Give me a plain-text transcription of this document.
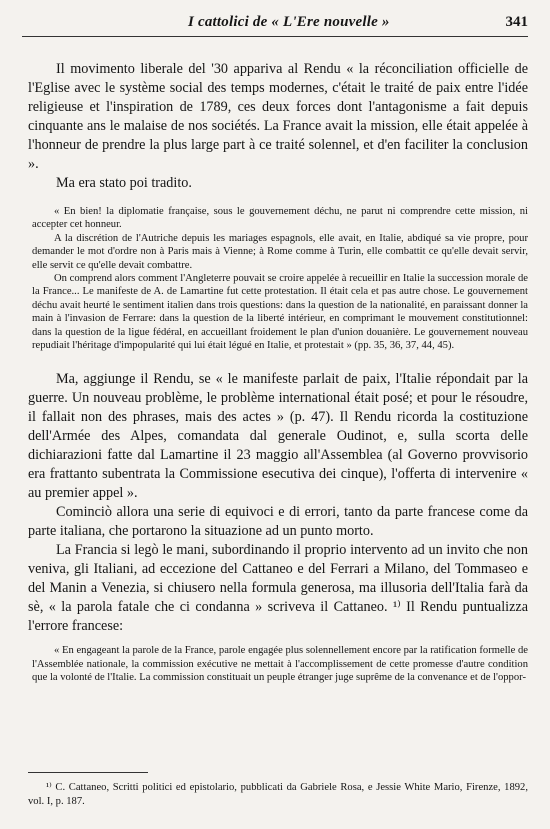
I cattolici de « L'Ere nouvelle »	341

Il movimento liberale del '30 appariva al Rendu « la réconciliation officielle de l'Eglise avec le système social des temps modernes, c'était le traité de paix entre l'idée religieuse et l'inspiration de 1789, ces deux forces dont l'antagonisme a fait depuis cinquante ans le malaise de nos sociétés. La France avait la mission, elle était appelée à l'honneur de prendre la plus large part à ce traité solennel, et d'en faciliter la conclusion ».

Ma era stato poi tradito.

« En bien! la diplomatie française, sous le gouvernement déchu, ne parut ni comprendre cette mission, ni accepter cet honneur.

A la discrétion de l'Autriche depuis les mariages espagnols, elle avait, en Italie, abdiqué sa vie propre, pour demander le mot d'ordre non à Paris mais à Vienne; à Rome comme à Turin, elle combattit ce qu'elle devait servir, elle servit ce qu'elle devait combattre.

On comprend alors comment l'Angleterre pouvait se croire appelée à recueillir en Italie la succession morale de la France... Le manifeste de A. de Lamartine fut cette protestation. Il était cela et pas autre chose. Le gouvernement déchu avait heurté le sentiment italien dans trois questions: dans la question de la nationalité, en paraissant donner la main à l'invasion de Ferrare: dans la question de la liberté intérieur, en comprimant le mouvement constitutionnel: dans la question de la ligue fédéral, en accueillant froidement le plan d'union douanière. Le gouvernement nouveau repudiait l'héritage d'impopularité qui lui était légué en Italie, et protestait » (pp. 35, 36, 37, 44, 45).

Ma, aggiunge il Rendu, se « le manifeste parlait de paix, l'Italie répondait par la guerre. Un nouveau problème, le problème international était posé; et pour le résoudre, il fallait non des phrases, mais des actes » (p. 47). Il Rendu ricorda la costituzione dell'Armée des Alpes, comandata dal generale Oudinot, e, sulla scorta delle dichiarazioni fatte dal Lamartine il 23 maggio all'Assemblea (al Governo provvisorio era frattanto subentrata la Commissione esecutiva dei cinque), l'offerta di intervenire « au premier appel ».

Cominciò allora una serie di equivoci e di errori, tanto da parte francese come da parte italiana, che portarono la situazione ad un punto morto.

La Francia si legò le mani, subordinando il proprio intervento ad un invito che non veniva, gli Italiani, ad eccezione del Cattaneo e del Ferrari a Milano, del Tommaseo e del Manin a Venezia, si chiusero nella formula generosa, ma illusoria dell'Italia farà da sè, « la parola fatale che ci condanna » scriveva il Cattaneo. ¹⁾ Il Rendu puntualizza l'errore francese:

« En engageant la parole de la France, parole engagée plus solennellement encore par la ratification formelle de l'Assemblée nationale, la commission exécutive ne mettait à l'accomplissement de cette promesse d'autre condition que la volonté de l'Italie. La commission constituait un peuple étranger juge suprême de la convenance et de l'oppor-

¹⁾ C. Cattaneo, Scritti politici ed epistolario, pubblicati da Gabriele Rosa, e Jessie White Mario, Firenze, 1892, vol. I, p. 187.
